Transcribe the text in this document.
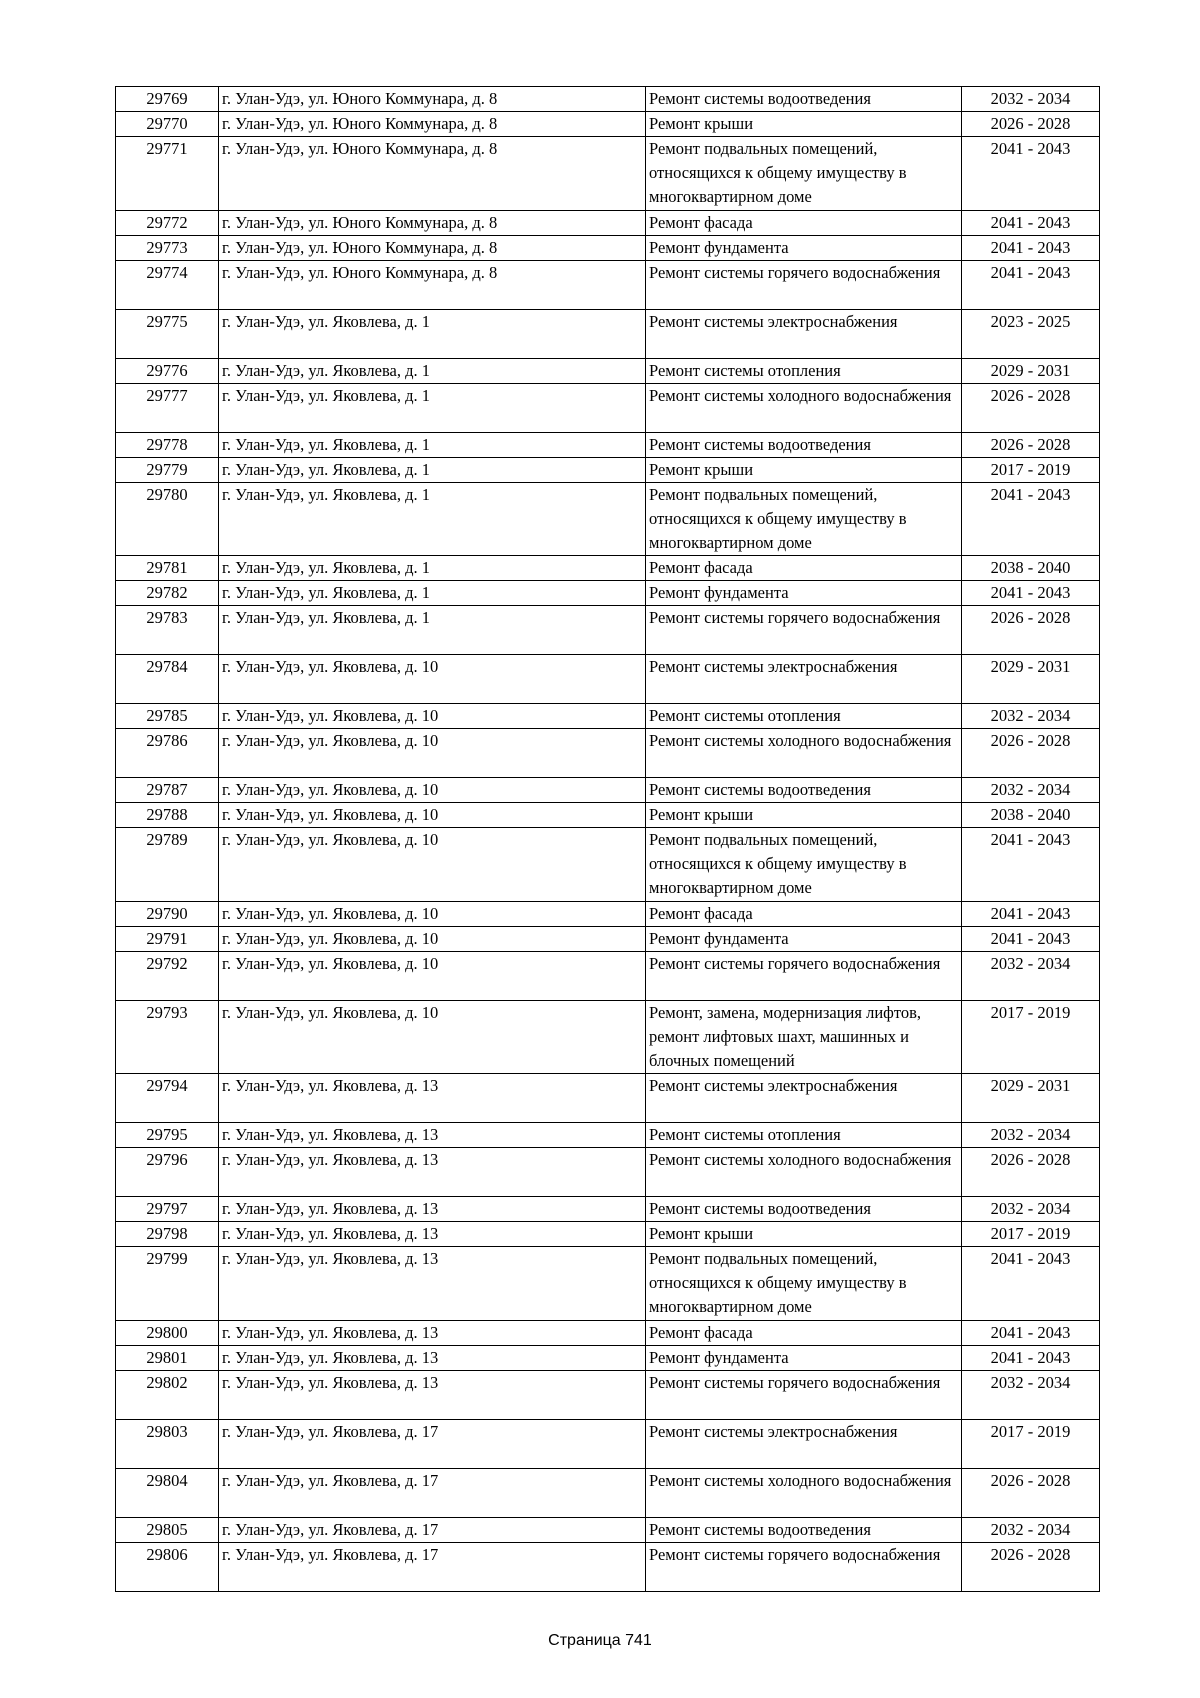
29769	г. Улан-Удэ, ул. Юного Коммунара, д. 8	Ремонт системы водоотведения	2032 - 2034
29770	г. Улан-Удэ, ул. Юного Коммунара, д. 8	Ремонт крыши	2026 - 2028
29771	г. Улан-Удэ, ул. Юного Коммунара, д. 8	Ремонт подвальных помещений, относящихся к общему имуществу в многоквартирном доме	2041 - 2043
29772	г. Улан-Удэ, ул. Юного Коммунара, д. 8	Ремонт фасада	2041 - 2043
29773	г. Улан-Удэ, ул. Юного Коммунара, д. 8	Ремонт фундамента	2041 - 2043
29774	г. Улан-Удэ, ул. Юного Коммунара, д. 8	Ремонт системы горячего водоснабжения	2041 - 2043
29775	г. Улан-Удэ, ул. Яковлева, д. 1	Ремонт системы электроснабжения	2023 - 2025
29776	г. Улан-Удэ, ул. Яковлева, д. 1	Ремонт системы отопления	2029 - 2031
29777	г. Улан-Удэ, ул. Яковлева, д. 1	Ремонт системы холодного водоснабжения	2026 - 2028
29778	г. Улан-Удэ, ул. Яковлева, д. 1	Ремонт системы водоотведения	2026 - 2028
29779	г. Улан-Удэ, ул. Яковлева, д. 1	Ремонт крыши	2017 - 2019
29780	г. Улан-Удэ, ул. Яковлева, д. 1	Ремонт подвальных помещений, относящихся к общему имуществу в многоквартирном доме	2041 - 2043
29781	г. Улан-Удэ, ул. Яковлева, д. 1	Ремонт фасада	2038 - 2040
29782	г. Улан-Удэ, ул. Яковлева, д. 1	Ремонт фундамента	2041 - 2043
29783	г. Улан-Удэ, ул. Яковлева, д. 1	Ремонт системы горячего водоснабжения	2026 - 2028
29784	г. Улан-Удэ, ул. Яковлева, д. 10	Ремонт системы электроснабжения	2029 - 2031
29785	г. Улан-Удэ, ул. Яковлева, д. 10	Ремонт системы отопления	2032 - 2034
29786	г. Улан-Удэ, ул. Яковлева, д. 10	Ремонт системы холодного водоснабжения	2026 - 2028
29787	г. Улан-Удэ, ул. Яковлева, д. 10	Ремонт системы водоотведения	2032 - 2034
29788	г. Улан-Удэ, ул. Яковлева, д. 10	Ремонт крыши	2038 - 2040
29789	г. Улан-Удэ, ул. Яковлева, д. 10	Ремонт подвальных помещений, относящихся к общему имуществу в многоквартирном доме	2041 - 2043
29790	г. Улан-Удэ, ул. Яковлева, д. 10	Ремонт фасада	2041 - 2043
29791	г. Улан-Удэ, ул. Яковлева, д. 10	Ремонт фундамента	2041 - 2043
29792	г. Улан-Удэ, ул. Яковлева, д. 10	Ремонт системы горячего водоснабжения	2032 - 2034
29793	г. Улан-Удэ, ул. Яковлева, д. 10	Ремонт, замена, модернизация лифтов, ремонт лифтовых шахт, машинных и блочных помещений	2017 - 2019
29794	г. Улан-Удэ, ул. Яковлева, д. 13	Ремонт системы электроснабжения	2029 - 2031
29795	г. Улан-Удэ, ул. Яковлева, д. 13	Ремонт системы отопления	2032 - 2034
29796	г. Улан-Удэ, ул. Яковлева, д. 13	Ремонт системы холодного водоснабжения	2026 - 2028
29797	г. Улан-Удэ, ул. Яковлева, д. 13	Ремонт системы водоотведения	2032 - 2034
29798	г. Улан-Удэ, ул. Яковлева, д. 13	Ремонт крыши	2017 - 2019
29799	г. Улан-Удэ, ул. Яковлева, д. 13	Ремонт подвальных помещений, относящихся к общему имуществу в многоквартирном доме	2041 - 2043
29800	г. Улан-Удэ, ул. Яковлева, д. 13	Ремонт фасада	2041 - 2043
29801	г. Улан-Удэ, ул. Яковлева, д. 13	Ремонт фундамента	2041 - 2043
29802	г. Улан-Удэ, ул. Яковлева, д. 13	Ремонт системы горячего водоснабжения	2032 - 2034
29803	г. Улан-Удэ, ул. Яковлева, д. 17	Ремонт системы электроснабжения	2017 - 2019
29804	г. Улан-Удэ, ул. Яковлева, д. 17	Ремонт системы холодного водоснабжения	2026 - 2028
29805	г. Улан-Удэ, ул. Яковлева, д. 17	Ремонт системы водоотведения	2032 - 2034
29806	г. Улан-Удэ, ул. Яковлева, д. 17	Ремонт системы горячего водоснабжения	2026 - 2028
Страница 741
